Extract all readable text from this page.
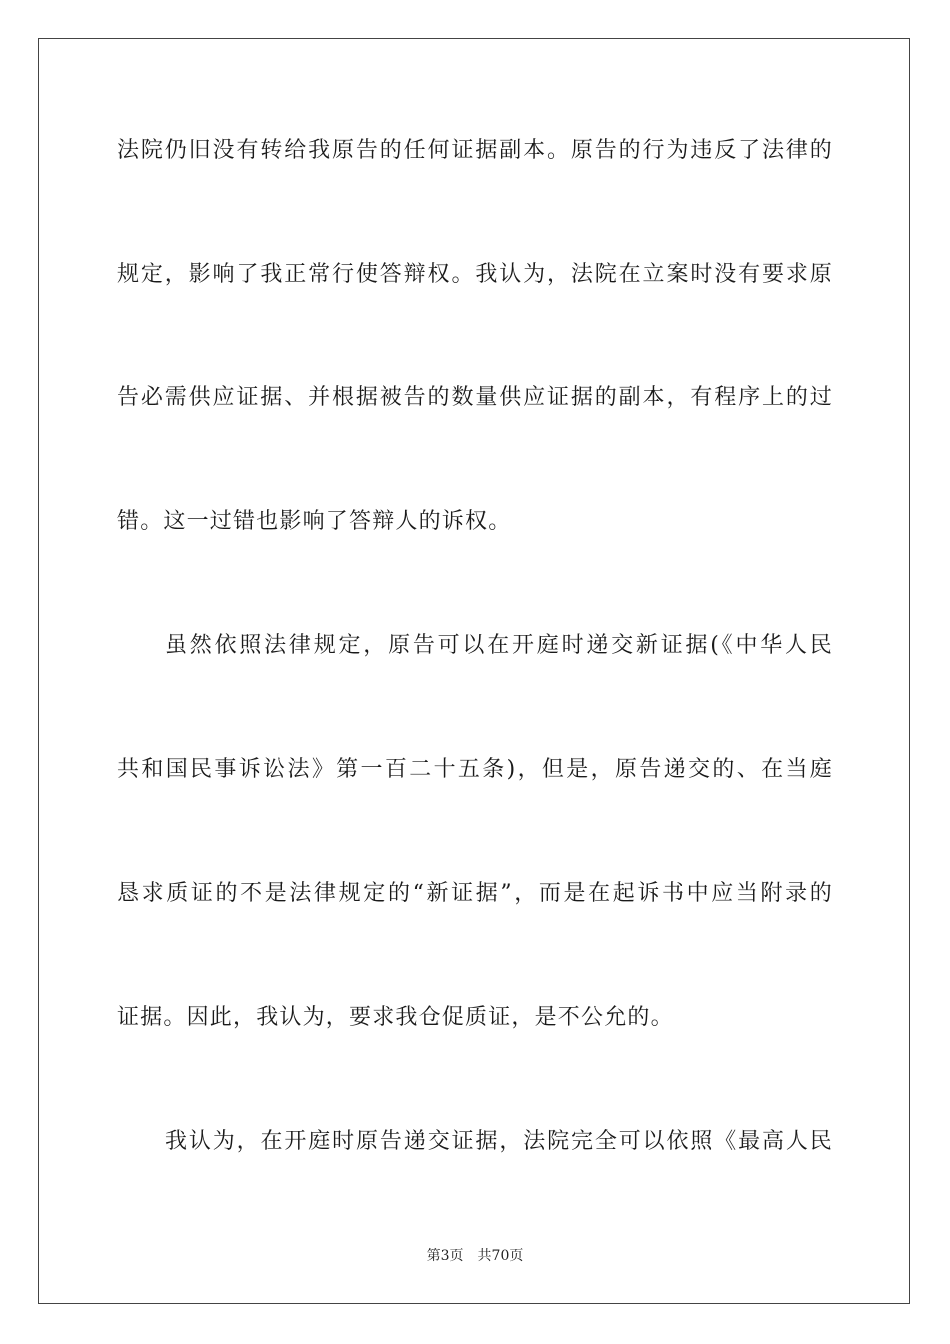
法院仍旧没有转给我原告的任何证据副本。原告的行为违反了法律的
规定，影响了我正常行使答辩权。我认为，法院在立案时没有要求原
告必需供应证据、并根据被告的数量供应证据的副本，有程序上的过
错。这一过错也影响了答辩人的诉权。
虽然依照法律规定，原告可以在开庭时递交新证据(《中华人民
共和国民事诉讼法》第一百二十五条)，但是，原告递交的、在当庭
恳求质证的不是法律规定的“新证据”，而是在起诉书中应当附录的
证据。因此，我认为，要求我仓促质证，是不公允的。
我认为，在开庭时原告递交证据，法院完全可以依照《最高人民
第3页 共70页
